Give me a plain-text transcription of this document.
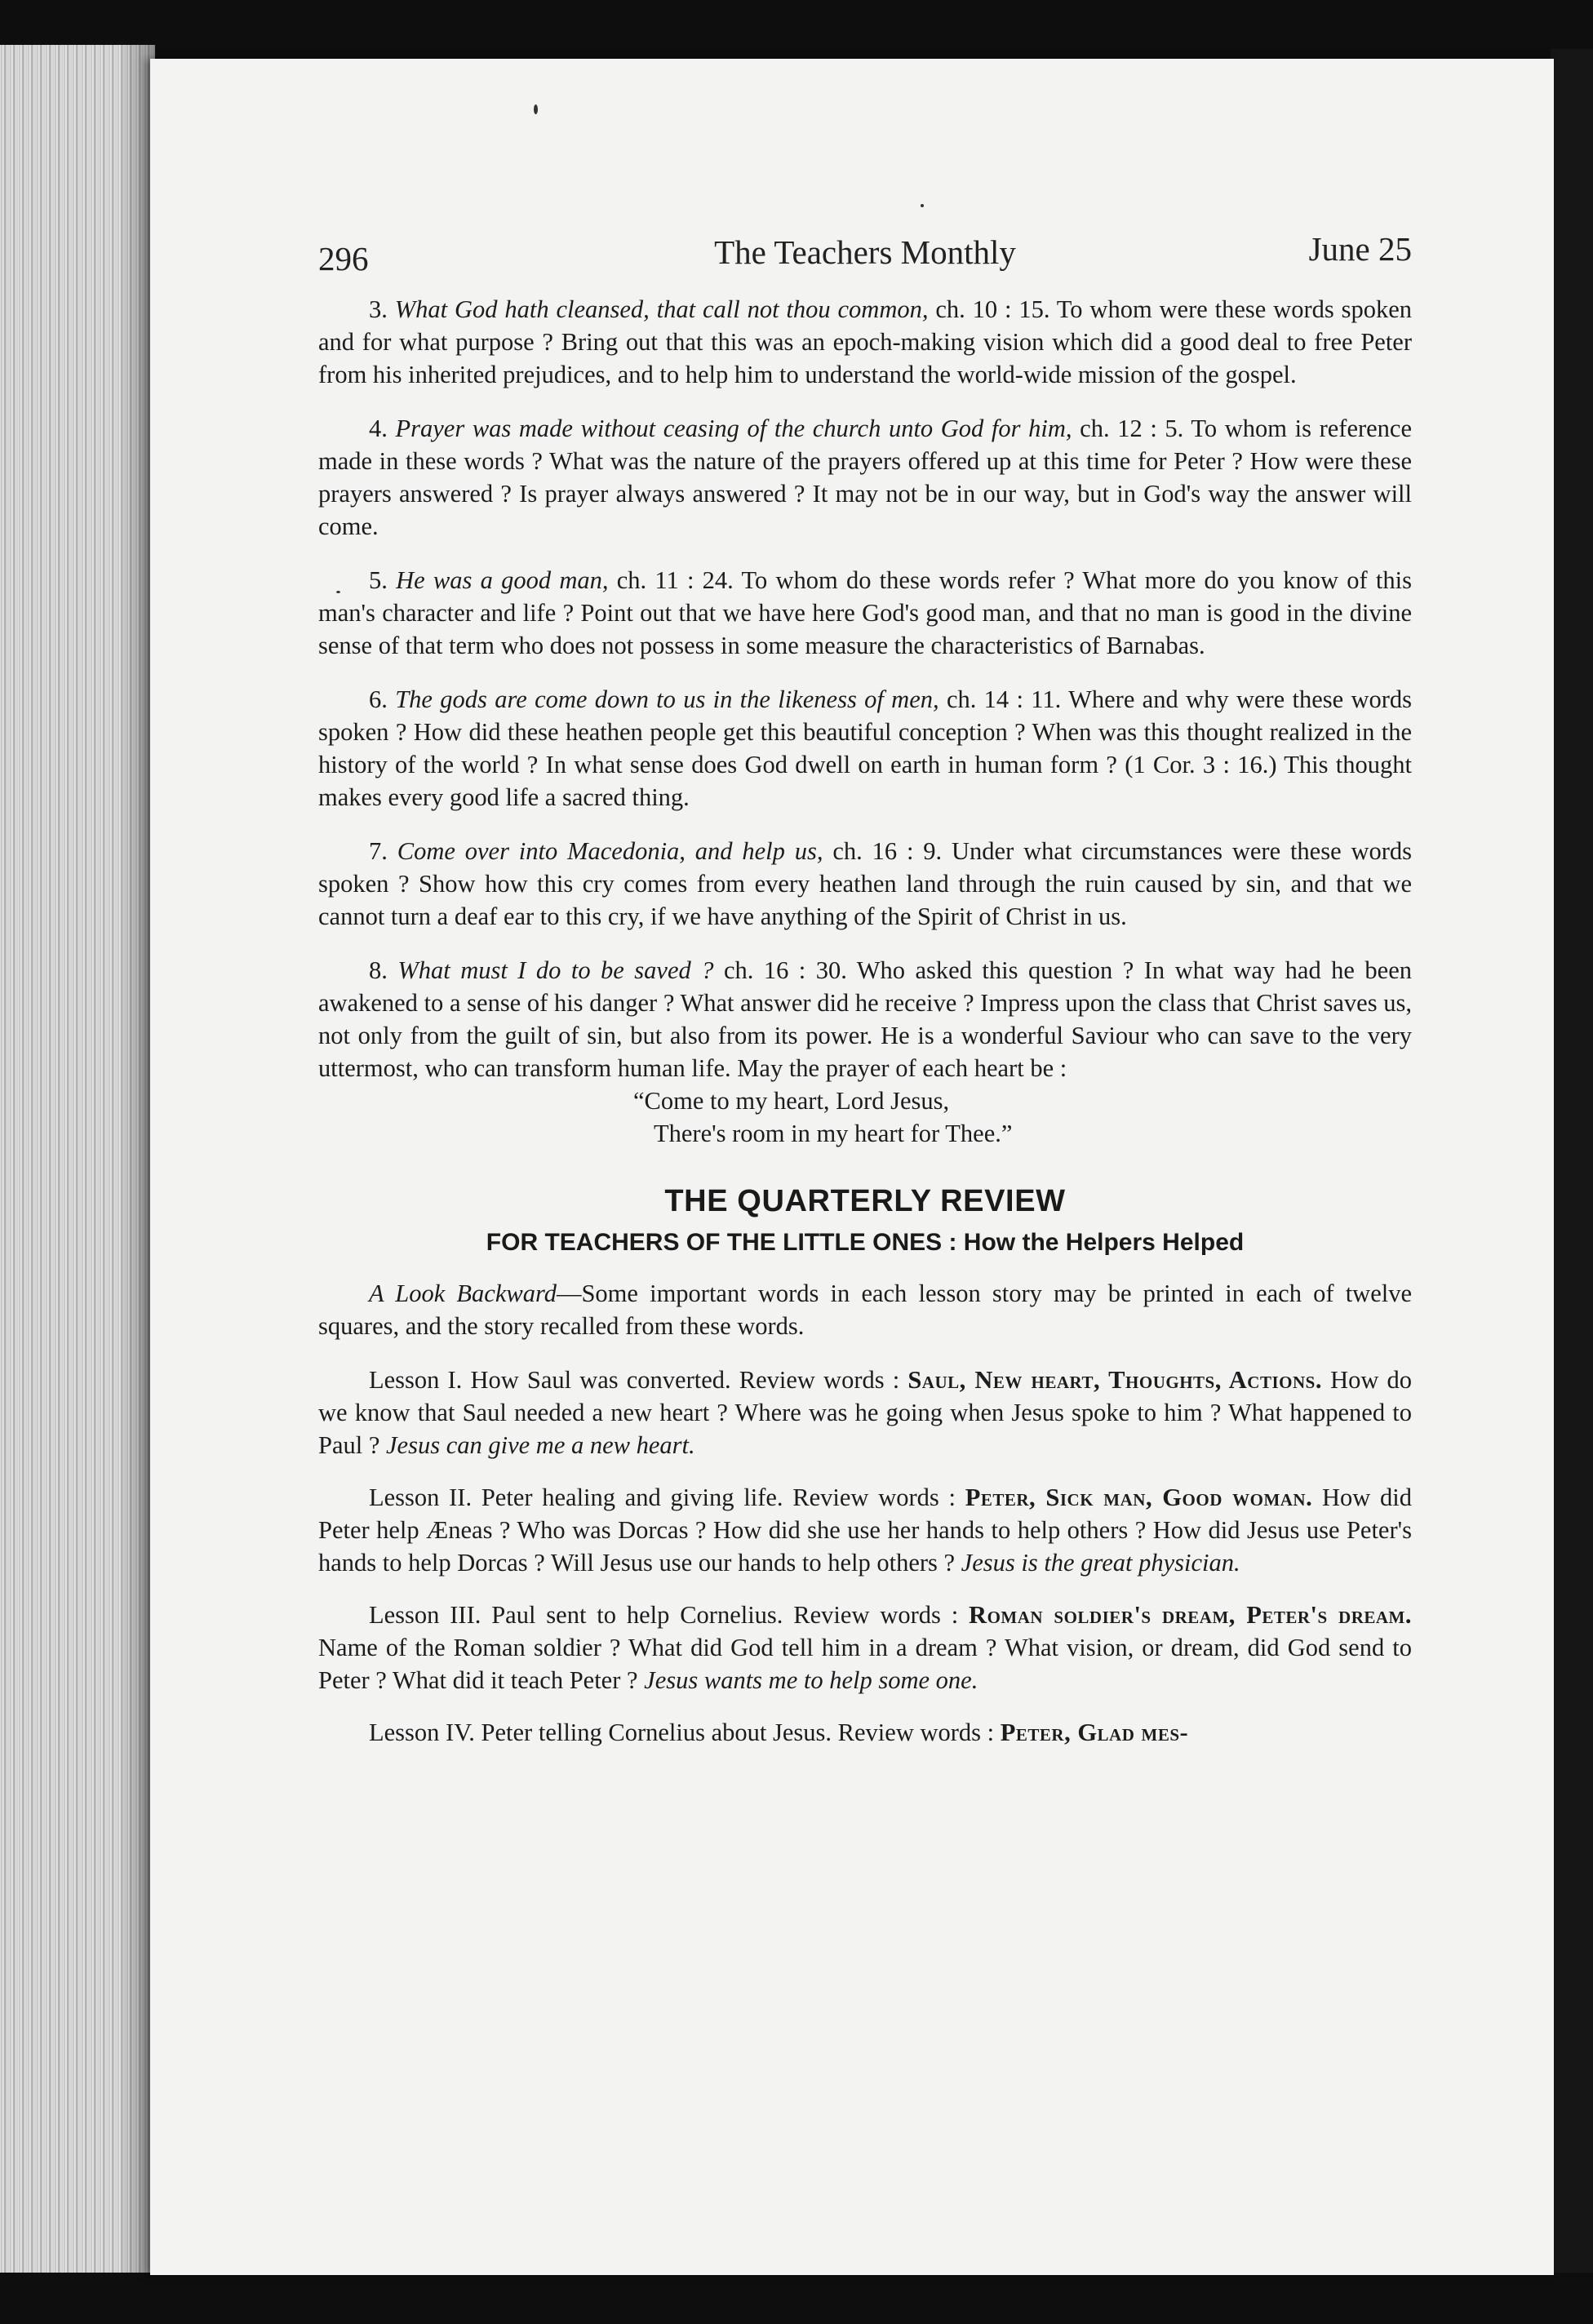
296	The Teachers Monthly	June 25

3. What God hath cleansed, that call not thou common, ch. 10 : 15. To whom were these words spoken and for what purpose ? Bring out that this was an epoch-making vision which did a good deal to free Peter from his inherited prejudices, and to help him to understand the world-wide mission of the gospel.

4. Prayer was made without ceasing of the church unto God for him, ch. 12 : 5. To whom is reference made in these words ? What was the nature of the prayers offered up at this time for Peter ? How were these prayers answered ? Is prayer always answered ? It may not be in our way, but in God's way the answer will come.

5. He was a good man, ch. 11 : 24. To whom do these words refer ? What more do you know of this man's character and life ? Point out that we have here God's good man, and that no man is good in the divine sense of that term who does not possess in some measure the characteristics of Barnabas.

6. The gods are come down to us in the likeness of men, ch. 14 : 11. Where and why were these words spoken ? How did these heathen people get this beautiful conception ? When was this thought realized in the history of the world ? In what sense does God dwell on earth in human form ? (1 Cor. 3 : 16.) This thought makes every good life a sacred thing.

7. Come over into Macedonia, and help us, ch. 16 : 9. Under what circumstances were these words spoken ? Show how this cry comes from every heathen land through the ruin caused by sin, and that we cannot turn a deaf ear to this cry, if we have anything of the Spirit of Christ in us.

8. What must I do to be saved ? ch. 16 : 30. Who asked this question ? In what way had he been awakened to a sense of his danger ? What answer did he receive ? Impress upon the class that Christ saves us, not only from the guilt of sin, but also from its power. He is a wonderful Saviour who can save to the very uttermost, who can transform human life. May the prayer of each heart be :

“Come to my heart, Lord Jesus,
There's room in my heart for Thee.”
THE QUARTERLY REVIEW
FOR TEACHERS OF THE LITTLE ONES : How the Helpers Helped

A Look Backward—Some important words in each lesson story may be printed in each of twelve squares, and the story recalled from these words.

Lesson I. How Saul was converted. Review words : Saul, New heart, Thoughts, Actions. How do we know that Saul needed a new heart ? Where was he going when Jesus spoke to him ? What happened to Paul ? Jesus can give me a new heart.

Lesson II. Peter healing and giving life. Review words : Peter, Sick man, Good woman. How did Peter help Æneas ? Who was Dorcas ? How did she use her hands to help others ? How did Jesus use Peter's hands to help Dorcas ? Will Jesus use our hands to help others ? Jesus is the great physician.

Lesson III. Paul sent to help Cornelius. Review words : Roman soldier's dream, Peter's dream. Name of the Roman soldier ? What did God tell him in a dream ? What vision, or dream, did God send to Peter ? What did it teach Peter ? Jesus wants me to help some one.

Lesson IV. Peter telling Cornelius about Jesus. Review words : Peter, Glad mes-
